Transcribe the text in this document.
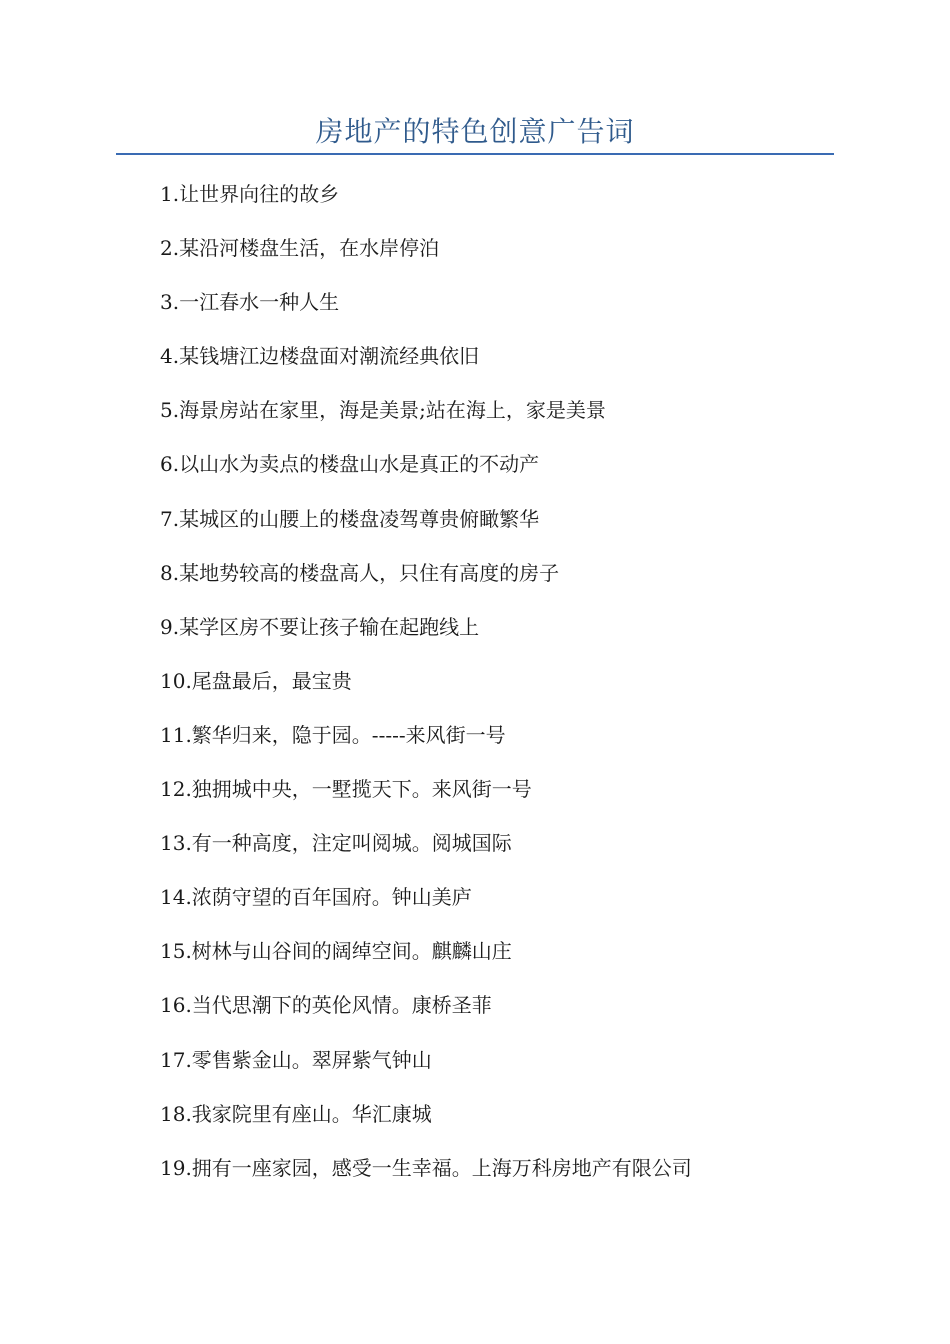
房地产的特色创意广告词
1.让世界向往的故乡
2.某沿河楼盘生活，在水岸停泊
3.一江春水一种人生
4.某钱塘江边楼盘面对潮流经典依旧
5.海景房站在家里，海是美景;站在海上，家是美景
6.以山水为卖点的楼盘山水是真正的不动产
7.某城区的山腰上的楼盘凌驾尊贵俯瞰繁华
8.某地势较高的楼盘高人，只住有高度的房子
9.某学区房不要让孩子输在起跑线上
10.尾盘最后，最宝贵
11.繁华归来，隐于园。-----来风街一号
12.独拥城中央，一墅揽天下。来风街一号
13.有一种高度，注定叫阅城。阅城国际
14.浓荫守望的百年国府。钟山美庐
15.树林与山谷间的阔绰空间。麒麟山庄
16.当代思潮下的英伦风情。康桥圣菲
17.零售紫金山。翠屏紫气钟山
18.我家院里有座山。华汇康城
19.拥有一座家园，感受一生幸福。上海万科房地产有限公司
